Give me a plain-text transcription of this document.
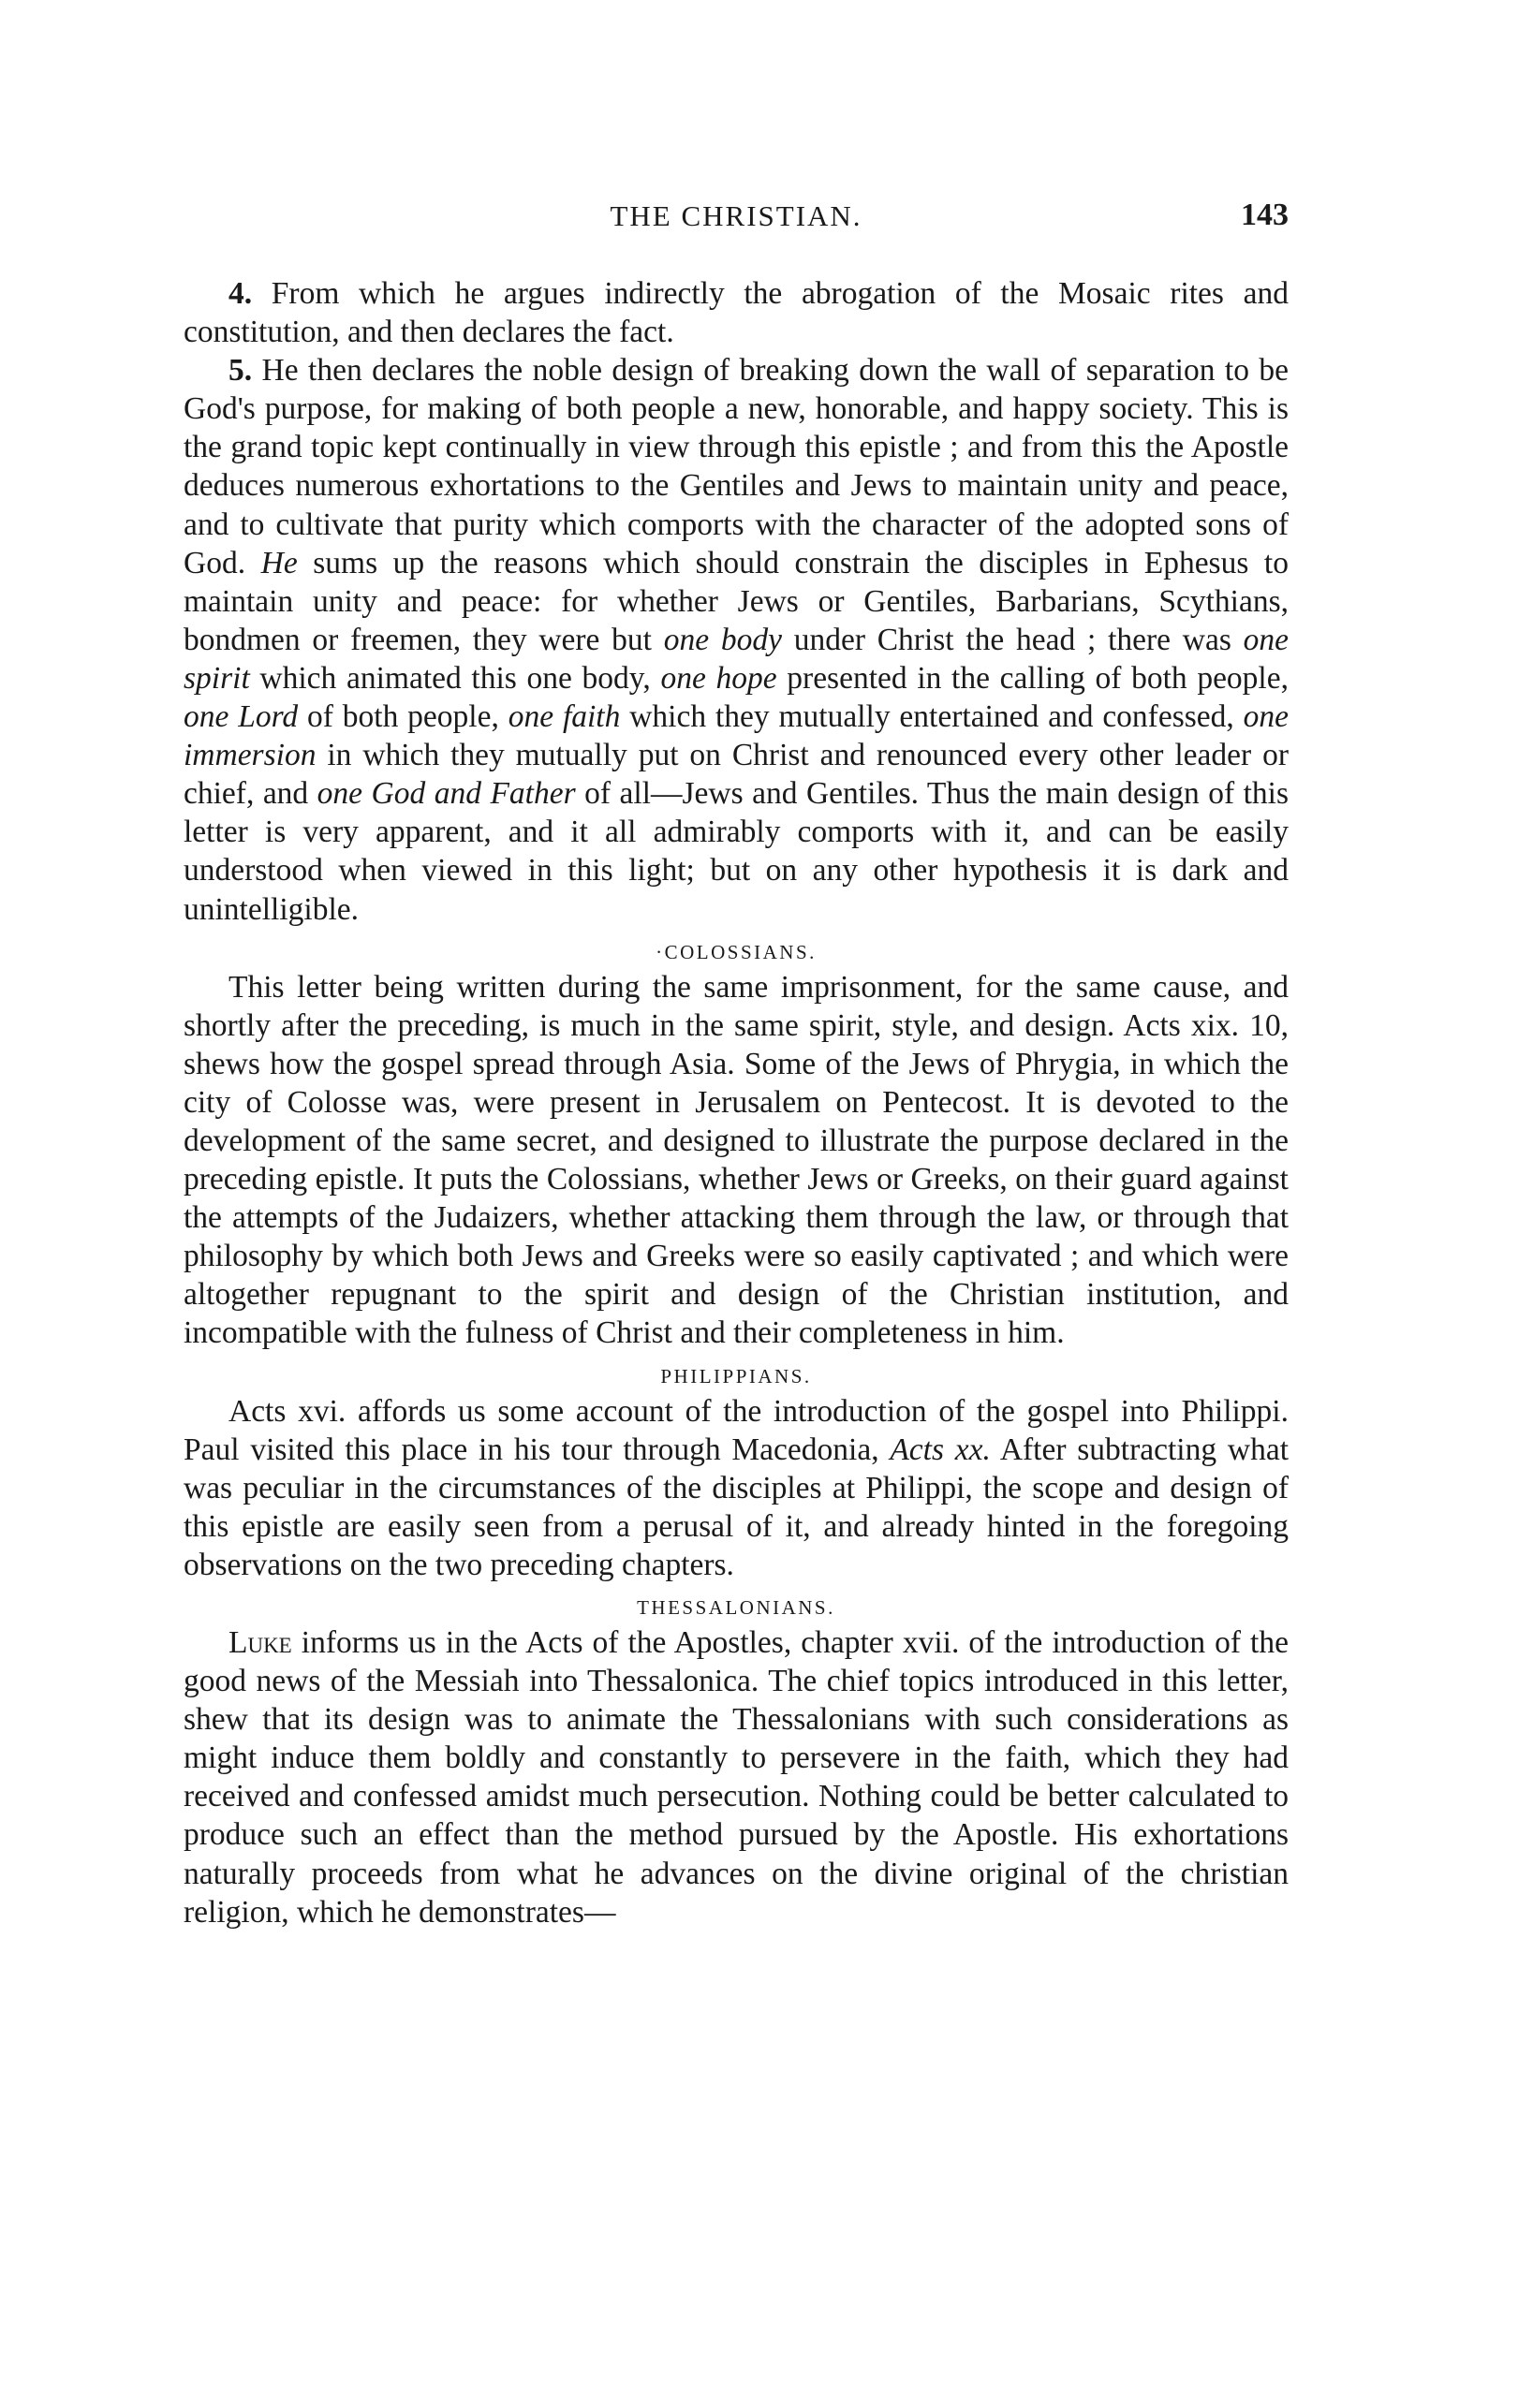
THE CHRISTIAN.	143

4. From which he argues indirectly the abrogation of the Mosaic rites and constitution, and then declares the fact.

5. He then declares the noble design of breaking down the wall of separation to be God's purpose, for making of both people a new, honorable, and happy society. This is the grand topic kept continually in view through this epistle ; and from this the Apostle deduces numerous exhortations to the Gentiles and Jews to maintain unity and peace, and to cultivate that purity which comports with the character of the adopted sons of God. He sums up the reasons which should constrain the disciples in Ephesus to maintain unity and peace: for whether Jews or Gentiles, Barbarians, Scythians, bondmen or freemen, they were but one body under Christ the head ; there was one spirit which animated this one body, one hope presented in the calling of both people, one Lord of both people, one faith which they mutually entertained and confessed, one immersion in which they mutually put on Christ and renounced every other leader or chief, and one God and Father of all—Jews and Gentiles. Thus the main design of this letter is very apparent, and it all admirably comports with it, and can be easily understood when viewed in this light; but on any other hypothesis it is dark and unintelligible.

·COLOSSIANS.

This letter being written during the same imprisonment, for the same cause, and shortly after the preceding, is much in the same spirit, style, and design. Acts xix. 10, shews how the gospel spread through Asia. Some of the Jews of Phrygia, in which the city of Colosse was, were present in Jerusalem on Pentecost. It is devoted to the development of the same secret, and designed to illustrate the purpose declared in the preceding epistle. It puts the Colossians, whether Jews or Greeks, on their guard against the attempts of the Judaizers, whether attacking them through the law, or through that philosophy by which both Jews and Greeks were so easily captivated ; and which were altogether repugnant to the spirit and design of the Christian institution, and incompatible with the fulness of Christ and their completeness in him.

PHILIPPIANS.

Acts xvi. affords us some account of the introduction of the gospel into Philippi. Paul visited this place in his tour through Macedonia, Acts xx. After subtracting what was peculiar in the circumstances of the disciples at Philippi, the scope and design of this epistle are easily seen from a perusal of it, and already hinted in the foregoing observations on the two preceding chapters.

THESSALONIANS.

Luke informs us in the Acts of the Apostles, chapter xvii. of the introduction of the good news of the Messiah into Thessalonica. The chief topics introduced in this letter, shew that its design was to animate the Thessalonians with such considerations as might induce them boldly and constantly to persevere in the faith, which they had received and confessed amidst much persecution. Nothing could be better calculated to produce such an effect than the method pursued by the Apostle. His exhortations naturally proceeds from what he advances on the divine original of the christian religion, which he demonstrates—
